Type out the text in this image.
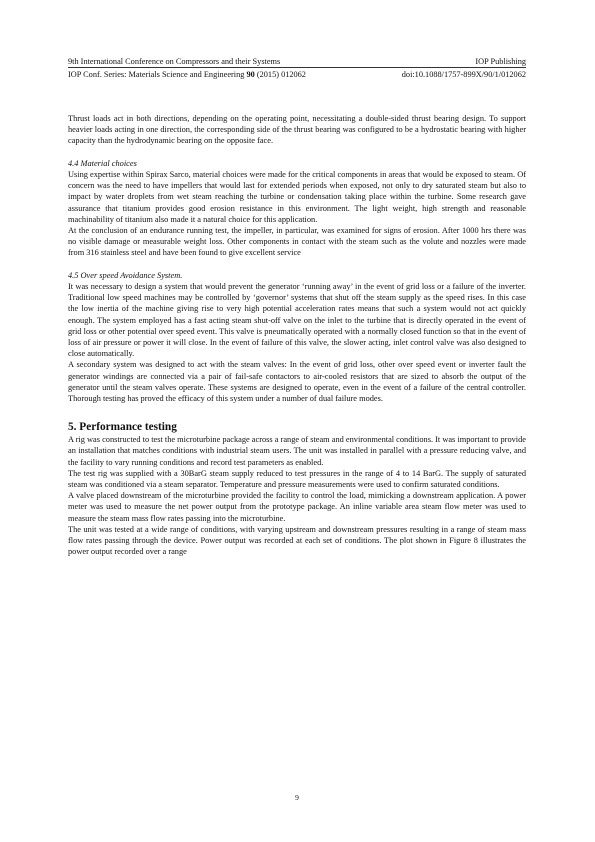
9th International Conference on Compressors and their Systems	IOP Publishing
IOP Conf. Series: Materials Science and Engineering 90 (2015) 012062	doi:10.1088/1757-899X/90/1/012062

Thrust loads act in both directions, depending on the operating point, necessitating a double-sided thrust bearing design. To support heavier loads acting in one direction, the corresponding side of the thrust bearing was configured to be a hydrostatic bearing with higher capacity than the hydrodynamic bearing on the opposite face.

4.4 Material choices

Using expertise within Spirax Sarco, material choices were made for the critical components in areas that would be exposed to steam. Of concern was the need to have impellers that would last for extended periods when exposed, not only to dry saturated steam but also to impact by water droplets from wet steam reaching the turbine or condensation taking place within the turbine. Some research gave assurance that titanium provides good erosion resistance in this environment. The light weight, high strength and reasonable machinability of titanium also made it a natural choice for this application.

At the conclusion of an endurance running test, the impeller, in particular, was examined for signs of erosion. After 1000 hrs there was no visible damage or measurable weight loss. Other components in contact with the steam such as the volute and nozzles were made from 316 stainless steel and have been found to give excellent service

4.5 Over speed Avoidance System.

It was necessary to design a system that would prevent the generator ‘running away’ in the event of grid loss or a failure of the inverter. Traditional low speed machines may be controlled by ‘governor’ systems that shut off the steam supply as the speed rises. In this case the low inertia of the machine giving rise to very high potential acceleration rates means that such a system would not act quickly enough. The system employed has a fast acting steam shut-off valve on the inlet to the turbine that is directly operated in the event of grid loss or other potential over speed event. This valve is pneumatically operated with a normally closed function so that in the event of loss of air pressure or power it will close. In the event of failure of this valve, the slower acting, inlet control valve was also designed to close automatically.

A secondary system was designed to act with the steam valves: In the event of grid loss, other over speed event or inverter fault the generator windings are connected via a pair of fail-safe contactors to air-cooled resistors that are sized to absorb the output of the generator until the steam valves operate. These systems are designed to operate, even in the event of a failure of the central controller. Thorough testing has proved the efficacy of this system under a number of dual failure modes.

5. Performance testing

A rig was constructed to test the microturbine package across a range of steam and environmental conditions. It was important to provide an installation that matches conditions with industrial steam users. The unit was installed in parallel with a pressure reducing valve, and the facility to vary running conditions and record test parameters as enabled.

The test rig was supplied with a 30BarG steam supply reduced to test pressures in the range of 4 to 14 BarG. The supply of saturated steam was conditioned via a steam separator. Temperature and pressure measurements were used to confirm saturated conditions.

A valve placed downstream of the microturbine provided the facility to control the load, mimicking a downstream application. A power meter was used to measure the net power output from the prototype package. An inline variable area steam flow meter was used to measure the steam mass flow rates passing into the microturbine.

The unit was tested at a wide range of conditions, with varying upstream and downstream pressures resulting in a range of steam mass flow rates passing through the device. Power output was recorded at each set of conditions. The plot shown in Figure 8 illustrates the power output recorded over a range

9
